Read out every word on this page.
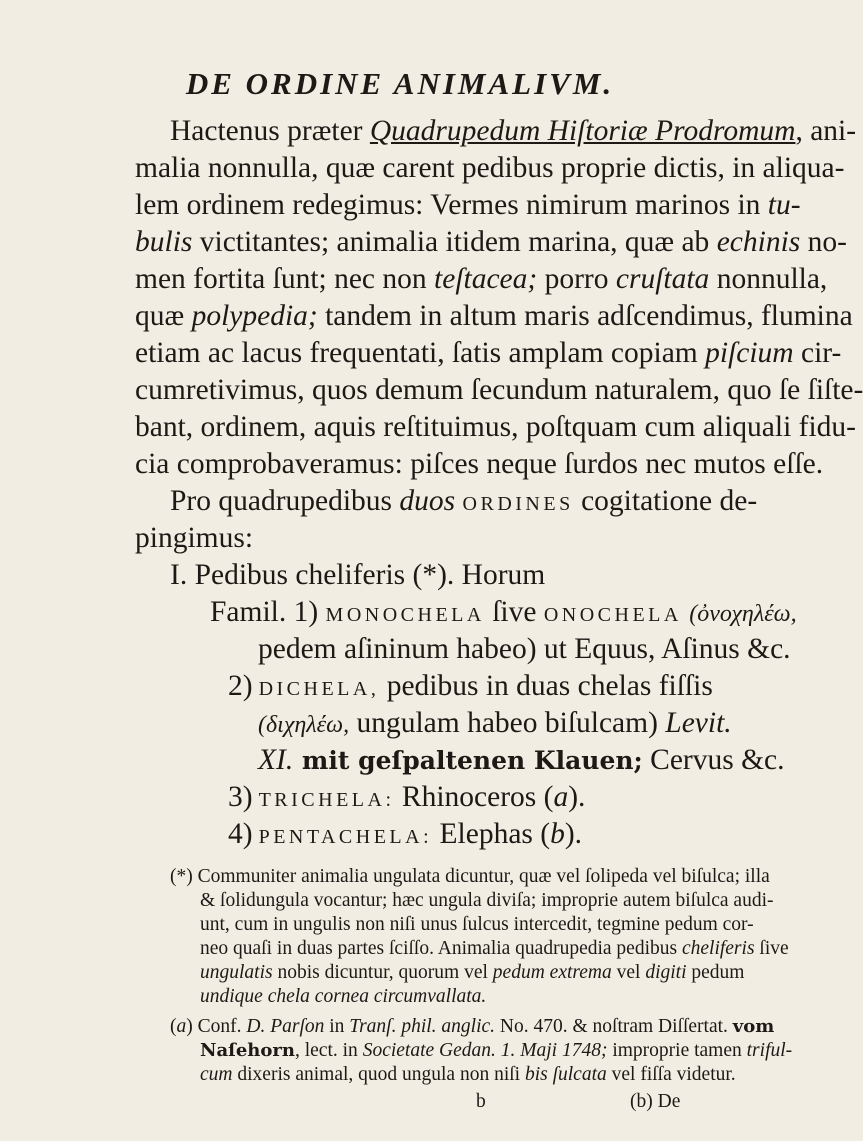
DE ORDINE ANIMALIVM.
Hactenus præter Quadrupedum Hiſtoriæ Prodromum, ani-
malia nonnulla, quæ carent pedibus proprie dictis, in aliqua-
lem ordinem redegimus: Vermes nimirum marinos in tu-
bulis victitantes; animalia itidem marina, quæ ab echinis no-
men fortita ſunt; nec non teſtacea; porro cruſtata nonnulla,
quæ polypedia; tandem in altum maris adſcendimus, flumina
etiam ac lacus frequentati, ſatis amplam copiam piſcium cir-
cumretivimus, quos demum ſecundum naturalem, quo ſe ſiſte-
bant, ordinem, aquis reſtituimus, poſtquam cum aliquali fidu-
cia comprobaveramus: piſces neque ſurdos nec mutos eſſe.
Pro quadrupedibus duos ORDINES cogitatione de-
pingimus:
I. Pedibus cheliferis (*). Horum
Famil. 1) MONOCHELA ſive ONOCHELA (ὀνοχηλέω,
pedem aſininum habeo) ut Equus, Aſinus &c.
2) DICHELA, pedibus in duas chelas fiſſis
(διχηλέω, ungulam habeo biſulcam) Levit.
XI. mit geſpaltenen Klauen; Cervus &c.
3) TRICHELA: Rhinoceros (a).
4) PENTACHELA: Elephas (b).
(*) Communiter animalia ungulata dicuntur, quæ vel ſolipeda vel biſulca; illa
& ſolidungula vocantur; hæc ungula diviſa; improprie autem biſulca audi-
unt, cum in ungulis non niſi unus ſulcus intercedit, tegmine pedum cor-
neo quaſi in duas partes ſciſſo. Animalia quadrupedia pedibus cheliferis ſive
ungulatis nobis dicuntur, quorum vel pedum extrema vel digiti pedum
undique chela cornea circumvallata.
(a) Conf. D. Parſon in Tranſ. phil. anglic. No. 470. & noſtram Diſſertat. vom
Naſehorn, lect. in Societate Gedan. 1. Maji 1748; improprie tamen triful-
cum dixeris animal, quod ungula non niſi bis ſulcata vel fiſſa videtur.
b	(b) De
